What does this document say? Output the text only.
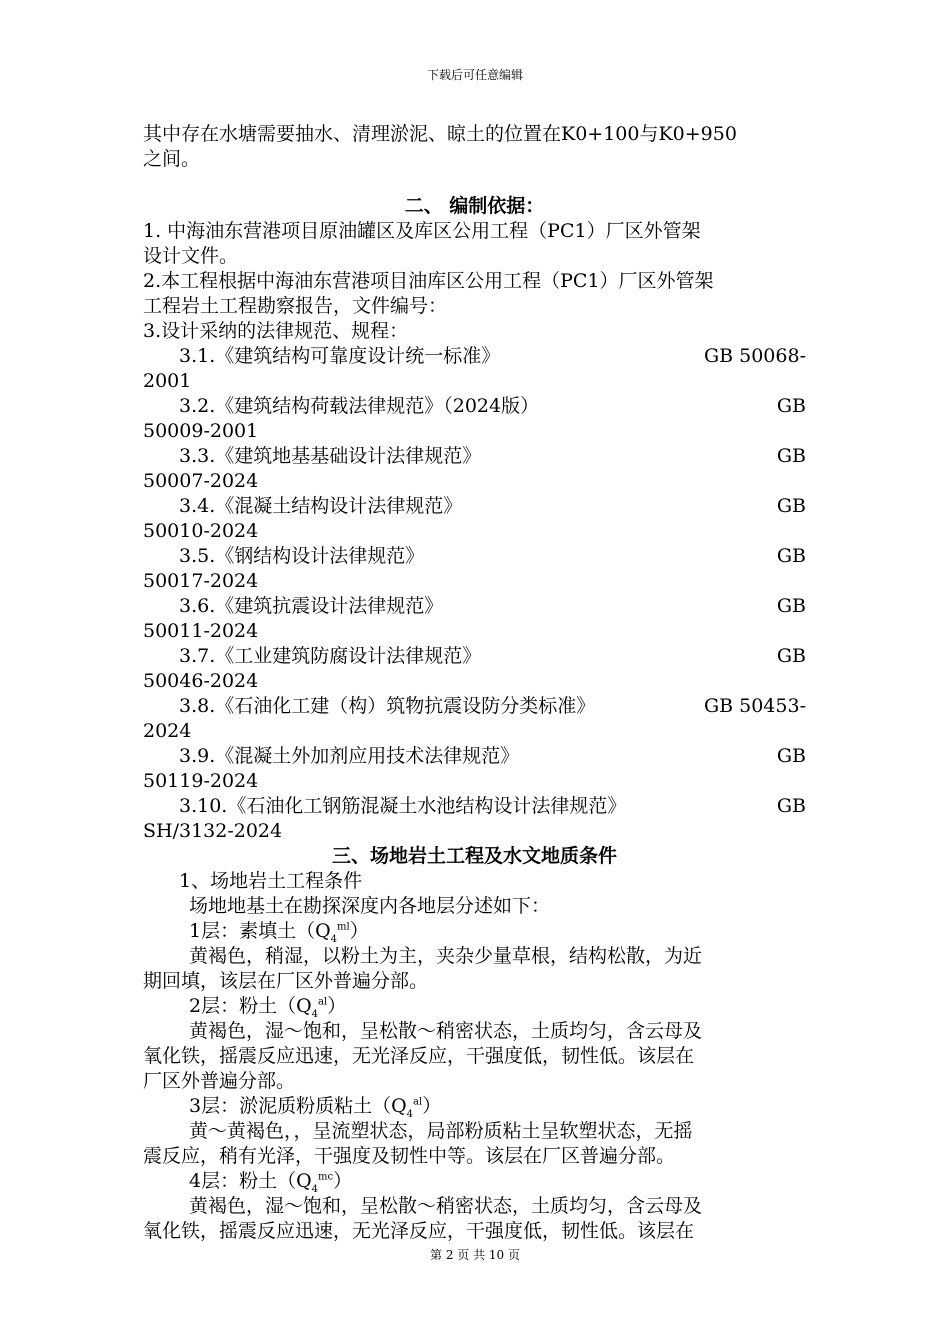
下载后可任意编辑
其中存在水塘需要抽水、清理淤泥、晾土的位置在K0+100与K0+950
之间。
二、 编制依据：
1. 中海油东营港项目原油罐区及库区公用工程（PC1）厂区外管架
设计文件。
2.本工程根据中海油东营港项目油库区公用工程（PC1）厂区外管架
工程岩土工程勘察报告，文件编号：
3.设计采纳的法律规范、规程：
3.1.《建筑结构可靠度设计统一标准》	GB 50068-
2001
3.2.《建筑结构荷载法律规范》（2024版）	GB
50009-2001
3.3.《建筑地基基础设计法律规范》	GB
50007-2024
3.4.《混凝土结构设计法律规范》	GB
50010-2024
3.5.《钢结构设计法律规范》	GB
50017-2024
3.6.《建筑抗震设计法律规范》	GB
50011-2024
3.7.《工业建筑防腐设计法律规范》	GB
50046-2024
3.8.《石油化工建（构）筑物抗震设防分类标准》	GB 50453-
2024
3.9.《混凝土外加剂应用技术法律规范》	GB
50119-2024
3.10.《石油化工钢筋混凝土水池结构设计法律规范》	GB
SH/3132-2024
三、场地岩土工程及水文地质条件
1、场地岩土工程条件
场地地基土在勘探深度内各地层分述如下：
1层：素填土$(Q_4^{ml})$
黄褐色，稍湿，以粉土为主，夹杂少量草根，结构松散，为近
期回填，该层在厂区外普遍分部。
2层：粉土$(Q_4^{al})$
黄褐色，湿～饱和，呈松散～稍密状态，土质均匀，含云母及
氧化铁，摇震反应迅速，无光泽反应，干强度低，韧性低。该层在
厂区外普遍分部。
3层：淤泥质粉质粘土$(Q_4^{al})$
黄～黄褐色，，呈流塑状态，局部粉质粘土呈软塑状态，无摇
震反应，稍有光泽，干强度及韧性中等。该层在厂区普遍分部。
4层：粉土$(Q_4^{mc})$
黄褐色，湿～饱和，呈松散～稍密状态，土质均匀，含云母及
氧化铁，摇震反应迅速，无光泽反应，干强度低，韧性低。该层在
第 2 页 共 10 页
